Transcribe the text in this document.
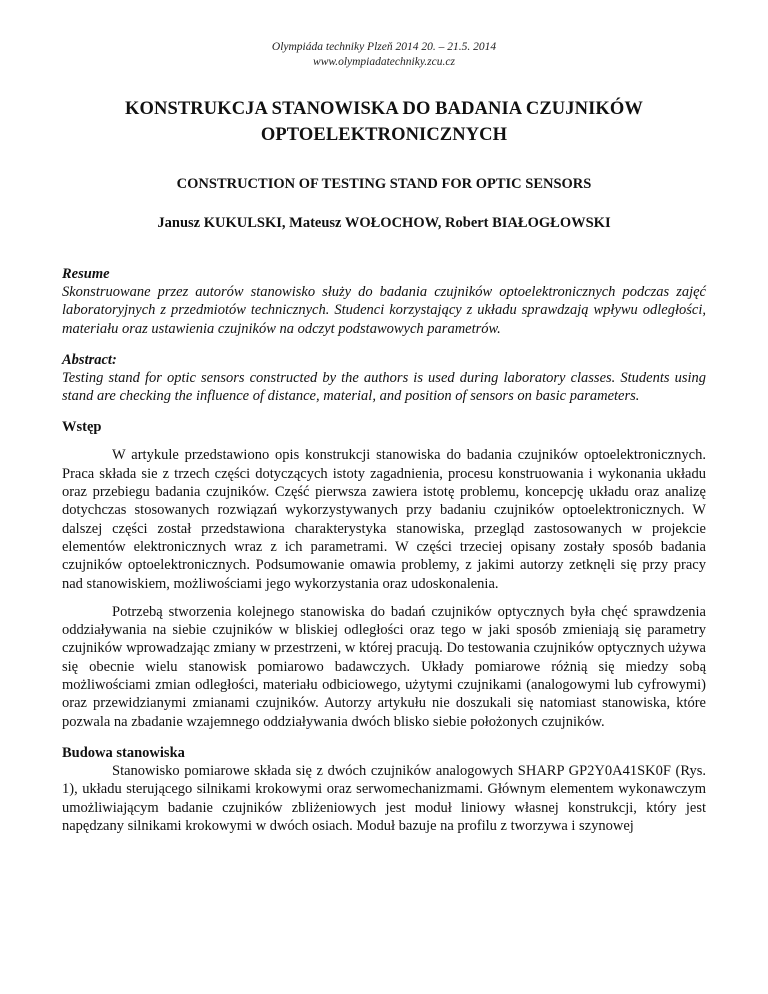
Olympiáda techniky Plzeň 2014 20. – 21.5. 2014
www.olympiadatechniky.zcu.cz
KONSTRUKCJA STANOWISKA DO BADANIA CZUJNIKÓW
OPTOELEKTRONICZNYCH
CONSTRUCTION OF TESTING STAND FOR OPTIC SENSORS
Janusz KUKULSKI, Mateusz WOŁOCHOW, Robert BIAŁOGŁOWSKI
Resume
Skonstruowane przez autorów stanowisko służy do badania czujników optoelektronicznych podczas zajęć laboratoryjnych z przedmiotów technicznych. Studenci korzystający z układu sprawdzają wpływu odległości, materiału oraz ustawienia czujników na odczyt podstawowych parametrów.
Abstract:
Testing stand for optic sensors constructed by the authors is used during laboratory classes. Students using stand are checking the influence of distance, material, and position of sensors on basic parameters.
Wstęp
W artykule przedstawiono opis konstrukcji stanowiska do badania czujników optoelektronicznych. Praca składa sie z trzech części dotyczących istoty zagadnienia, procesu konstruowania i wykonania układu oraz przebiegu badania czujników. Część pierwsza zawiera istotę problemu, koncepcję układu oraz analizę dotychczas stosowanych rozwiązań wykorzystywanych przy badaniu czujników optoelektronicznych. W dalszej części został przedstawiona charakterystyka stanowiska, przegląd zastosowanych w projekcie elementów elektronicznych wraz z ich parametrami. W części trzeciej opisany zostały sposób badania czujników optoelektronicznych. Podsumowanie omawia problemy, z jakimi autorzy zetknęli się przy pracy nad stanowiskiem, możliwościami jego wykorzystania oraz udoskonalenia.
Potrzebą stworzenia kolejnego stanowiska do badań czujników optycznych była chęć sprawdzenia oddziaływania na siebie czujników w bliskiej odległości oraz tego w jaki sposób zmieniają się parametry czujników wprowadzając zmiany w przestrzeni, w której pracują. Do testowania czujników optycznych używa się obecnie wielu stanowisk pomiarowo badawczych. Układy pomiarowe różnią się miedzy sobą możliwościami zmian odległości, materiału odbiciowego, użytymi czujnikami (analogowymi lub cyfrowymi) oraz przewidzianymi zmianami czujników. Autorzy artykułu nie doszukali się natomiast stanowiska, które pozwala na zbadanie wzajemnego oddziaływania dwóch blisko siebie położonych czujników.
Budowa stanowiska
Stanowisko pomiarowe składa się z dwóch czujników analogowych SHARP GP2Y0A41SK0F (Rys. 1), układu sterującego silnikami krokowymi oraz serwomechanizmami. Głównym elementem wykonawczym umożliwiającym badanie czujników zbliżeniowych jest moduł liniowy własnej konstrukcji, który jest napędzany silnikami krokowymi w dwóch osiach. Moduł bazuje na profilu z tworzywa i szynowej
